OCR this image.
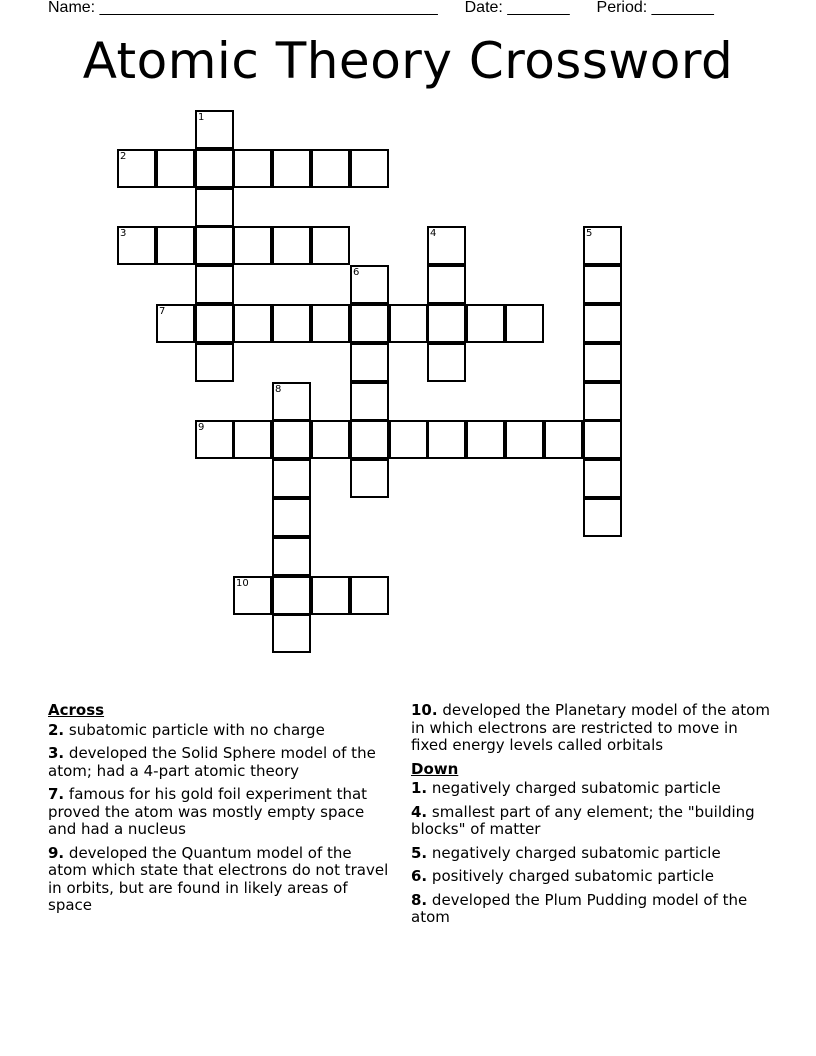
Name: ______________________________________ Date: _______ Period: _______
Atomic Theory Crossword
1
2
3	4	5
6
7
8
9
10
Across
2. subatomic particle with no charge
3. developed the Solid Sphere model of the atom; had a 4-part atomic theory
7. famous for his gold foil experiment that proved the atom was mostly empty space and had a nucleus
9. developed the Quantum model of the atom which state that electrons do not travel in orbits, but are found in likely areas of space
10. developed the Planetary model of the atom in which electrons are restricted to move in fixed energy levels called orbitals
Down
1. negatively charged subatomic particle
4. smallest part of any element; the "building blocks" of matter
5. negatively charged subatomic particle
6. positively charged subatomic particle
8. developed the Plum Pudding model of the atom
